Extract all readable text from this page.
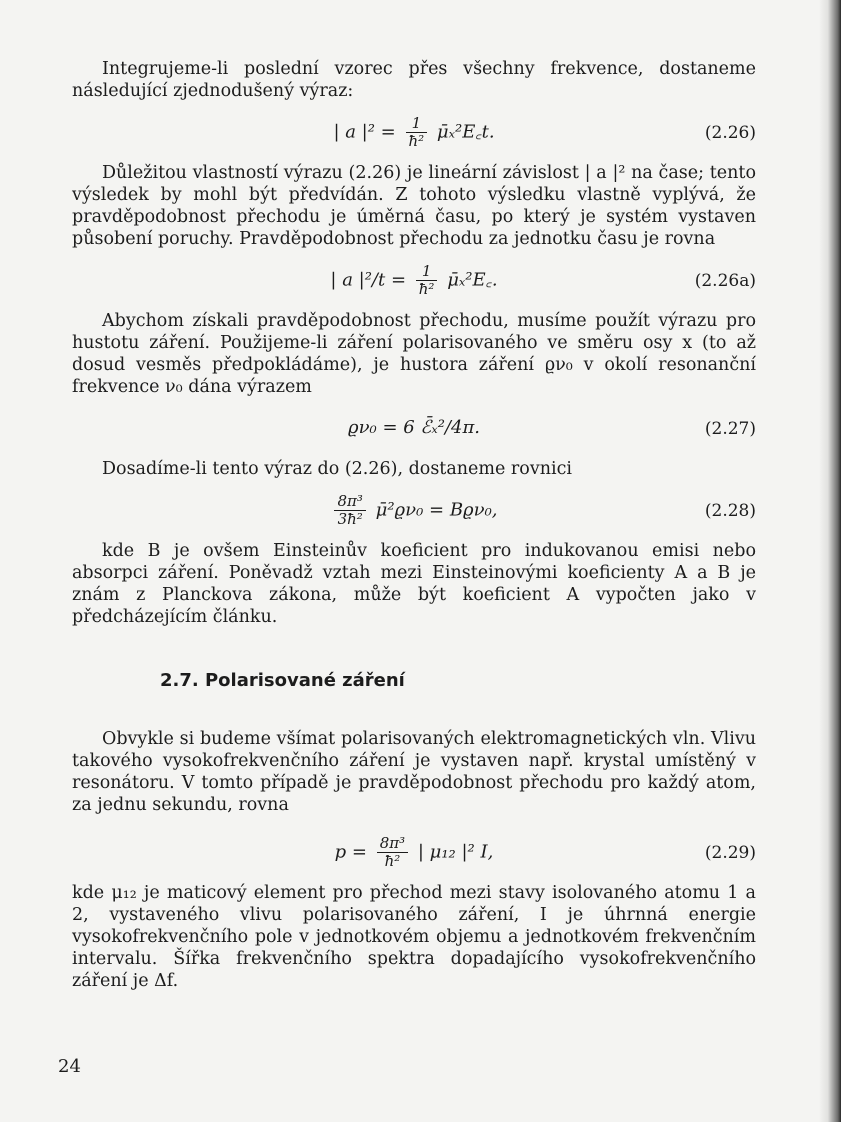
Integrujeme-li poslední vzorec přes všechny frekvence, dostaneme následující zjednodušený výraz:

| a $|^2 = \frac{1}{\text{ħ²}}$ μ̄ₓ²E꜀t.	(2.26)

Důležitou vlastností výrazu (2.26) je lineární závislost | a |² na čase; tento výsledek by mohl být předvídán. Z tohoto výsledku vlastně vyplývá, že pravděpodobnost přechodu je úměrná času, po který je systém vystaven působení poruchy. Pravděpodobnost přechodu za jednotku času je rovna

| a $|^2/t = \frac{1}{\text{ħ²}}$ μ̄ₓ²E꜀.	(2.26a)

Abychom získali pravděpodobnost přechodu, musíme použít výrazu pro hustotu záření. Použijeme-li záření polarisovaného ve směru osy x (to až dosud vesměs předpokládáme), je hustora záření ϱν₀ v okolí resonanční frekvence ν₀ dána výrazem

ϱν₀ = 6 ℰ̄ₓ²/4π.	(2.27)

Dosadíme-li tento výraz do (2.26), dostaneme rovnici

$\frac{\text{8π³}}{\text{3ħ²}}$ μ̄²ϱν₀ = Bϱν₀,	(2.28)

kde B je ovšem Einsteinův koeficient pro indukovanou emisi nebo absorpci záření. Poněvadž vztah mezi Einsteinovými koeficienty A a B je znám z Planckova zákona, může být koeficient A vypočten jako v předcházejícím článku.

2.7. Polarisované záření

Obvykle si budeme všímat polarisovaných elektromagnetických vln. Vlivu takového vysokofrekvenčního záření je vystaven např. krystal umístěný v resonátoru. V tomto případě je pravděpodobnost přechodu pro každý atom, za jednu sekundu, rovna

$p = \frac{\text{8π³}}{\text{ħ²}}$ | μ₁₂ |² I,	(2.29)

kde μ₁₂ je maticový element pro přechod mezi stavy isolovaného atomu 1 a 2, vystaveného vlivu polarisovaného záření, I je úhrnná energie vysokofrekvenčního pole v jednotkovém objemu a jednotkovém frekvenčním intervalu. Šířka frekvenčního spektra dopadajícího vysokofrekvenčního záření je Δf.

24
